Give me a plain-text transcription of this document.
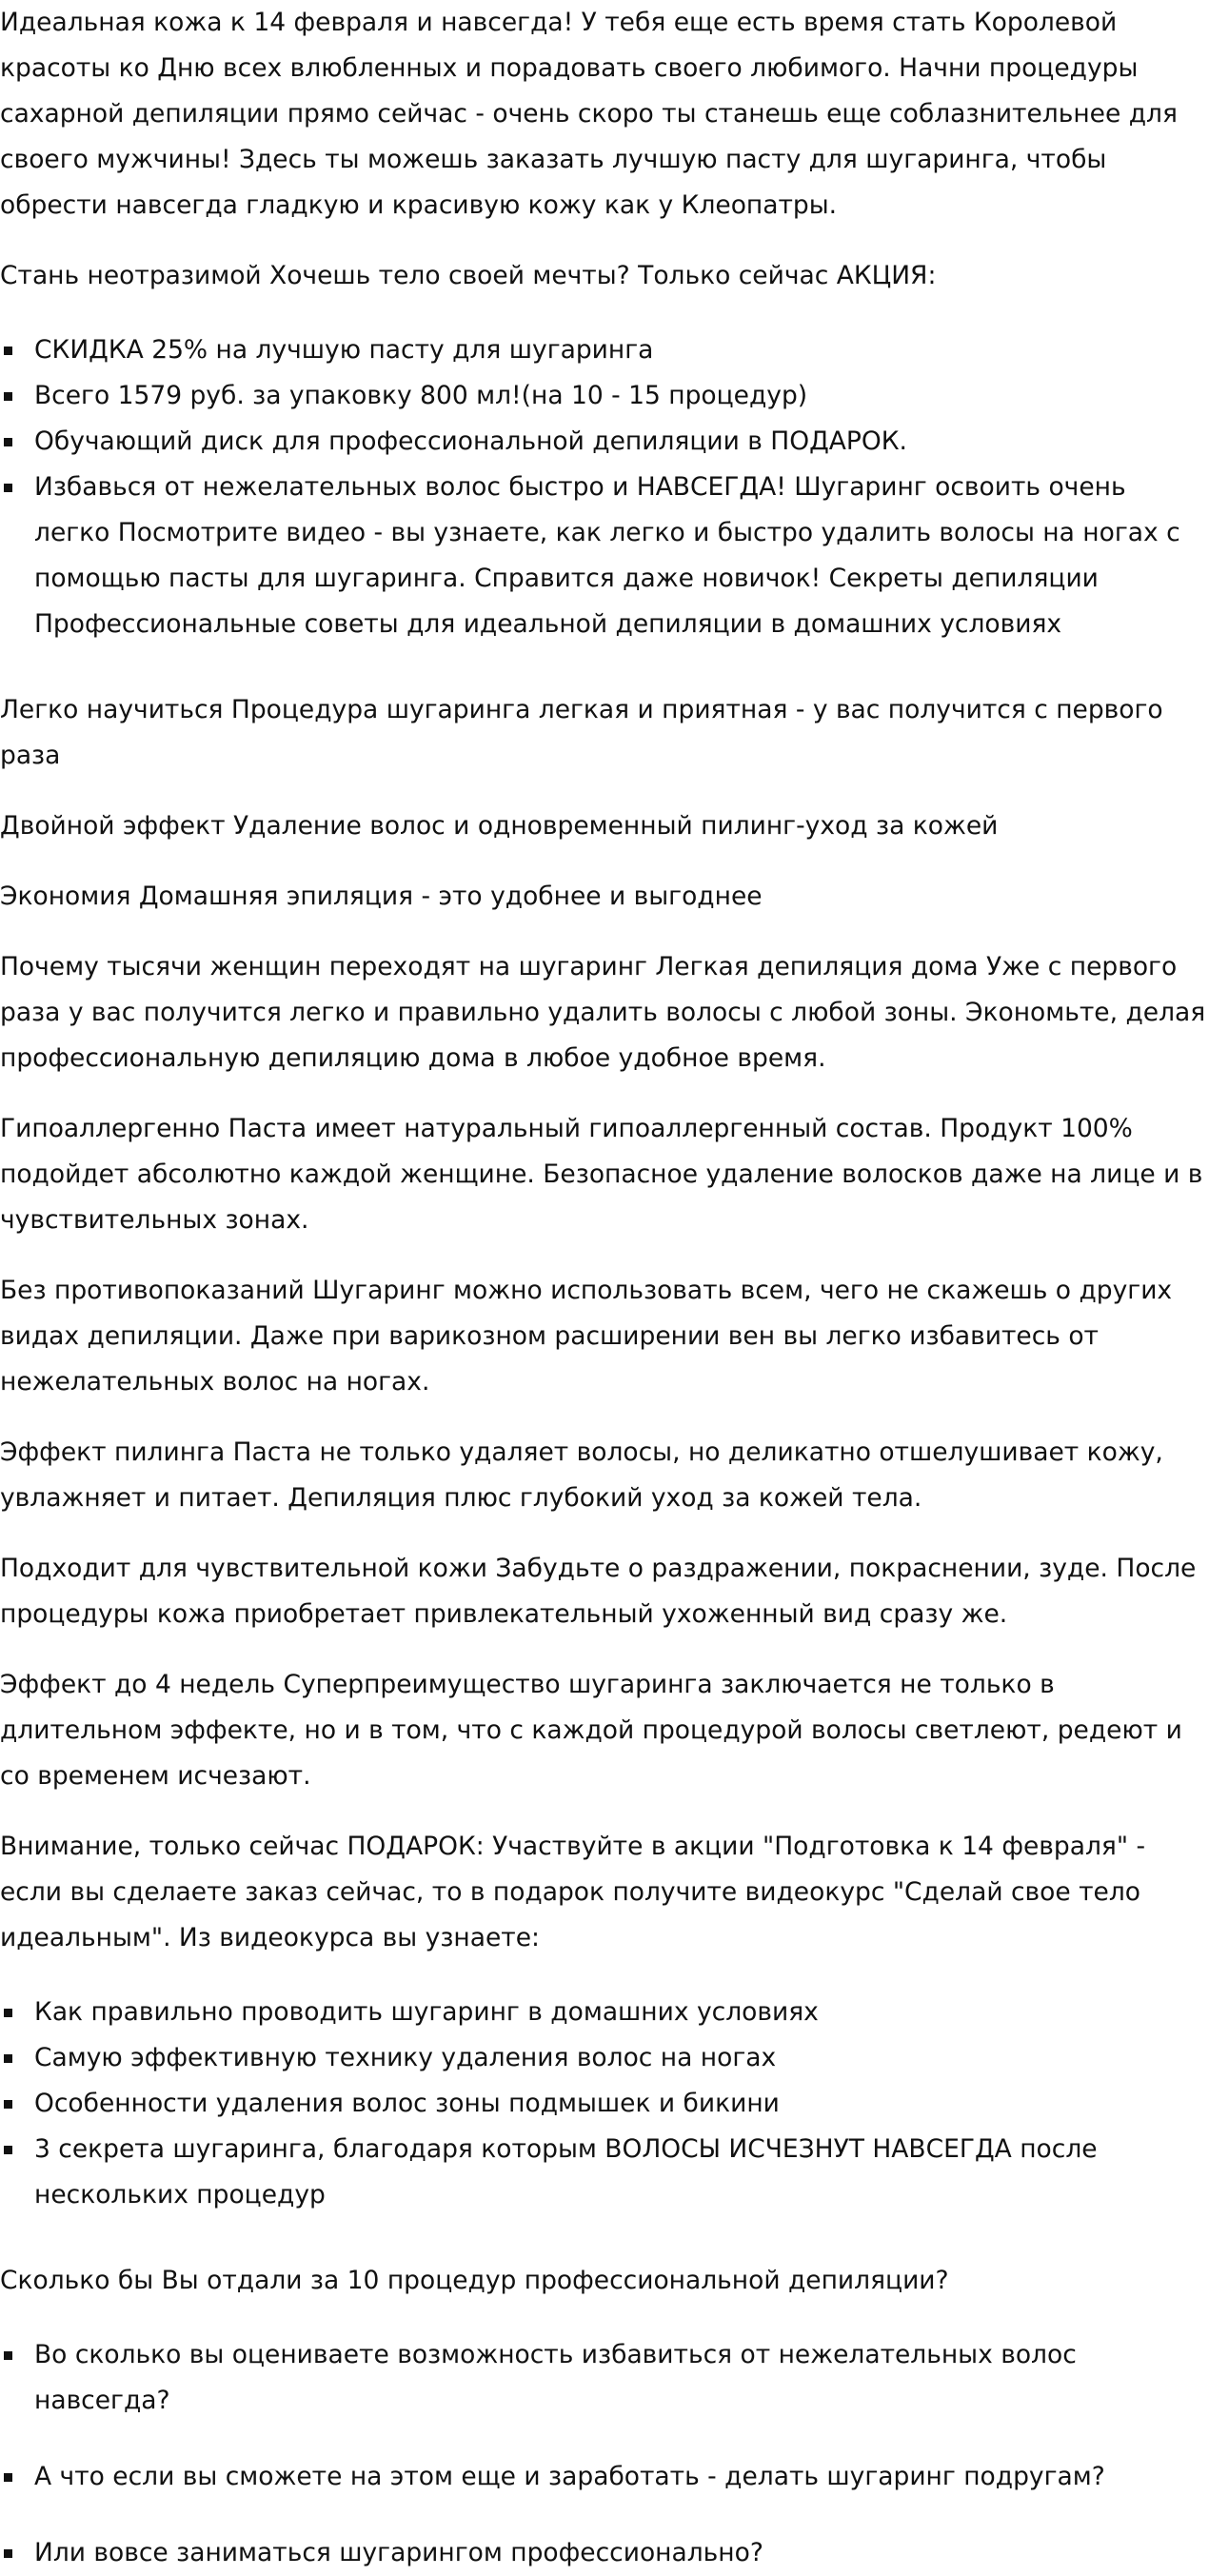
Идеальная кожа к 14 февраля и навсегда! У тебя еще есть время стать Королевой красоты ко Дню всех влюбленных и порадовать своего любимого. Начни процедуры сахарной депиляции прямо сейчас - очень скоро ты станешь еще соблазнительнее для своего мужчины! Здесь ты можешь заказать лучшую пасту для шугаринга, чтобы обрести навсегда гладкую и красивую кожу как у Клеопатры.

Стань неотразимой Хочешь тело своей мечты? Только сейчас АКЦИЯ:

СКИДКА 25% на лучшую пасту для шугаринга
Всего 1579 руб. за упаковку 800 мл!(на 10 - 15 процедур)
Обучающий диск для профессиональной депиляции в ПОДАРОК.
Избавься от нежелательных волос быстро и НАВСЕГДА! Шугаринг освоить очень легко Посмотрите видео - вы узнаете, как легко и быстро удалить волосы на ногах с помощью пасты для шугаринга. Справится даже новичок! Секреты депиляции Профессиональные советы для идеальной депиляции в домашних условиях

Легко научиться Процедура шугаринга легкая и приятная - у вас получится с первого раза

Двойной эффект Удаление волос и одновременный пилинг-уход за кожей

Экономия Домашняя эпиляция - это удобнее и выгоднее

Почему тысячи женщин переходят на шугаринг Легкая депиляция дома Уже с первого раза у вас получится легко и правильно удалить волосы с любой зоны. Экономьте, делая профессиональную депиляцию дома в любое удобное время.

Гипоаллергенно Паста имеет натуральный гипоаллергенный состав. Продукт 100% подойдет абсолютно каждой женщине. Безопасное удаление волосков даже на лице и в чувствительных зонах.

Без противопоказаний Шугаринг можно использовать всем, чего не скажешь о других видах депиляции. Даже при варикозном расширении вен вы легко избавитесь от нежелательных волос на ногах.

Эффект пилинга Паста не только удаляет волосы, но деликатно отшелушивает кожу, увлажняет и питает. Депиляция плюс глубокий уход за кожей тела.

Подходит для чувствительной кожи Забудьте о раздражении, покраснении, зуде. После процедуры кожа приобретает привлекательный ухоженный вид сразу же.

Эффект до 4 недель Суперпреимущество шугаринга заключается не только в длительном эффекте, но и в том, что с каждой процедурой волосы светлеют, редеют и со временем исчезают.

Внимание, только сейчас ПОДАРОК: Участвуйте в акции "Подготовка к 14 февраля" - если вы сделаете заказ сейчас, то в подарок получите видеокурс "Сделай свое тело идеальным". Из видеокурса вы узнаете:

Как правильно проводить шугаринг в домашних условиях
Самую эффективную технику удаления волос на ногах
Особенности удаления волос зоны подмышек и бикини
3 секрета шугаринга, благодаря которым ВОЛОСЫ ИСЧЕЗНУТ НАВСЕГДА после нескольких процедур

Сколько бы Вы отдали за 10 процедур профессиональной депиляции?

Во сколько вы оцениваете возможность избавиться от нежелательных волос навсегда?
А что если вы сможете на этом еще и заработать - делать шугаринг подругам?
Или вовсе заниматься шугарингом профессионально?
